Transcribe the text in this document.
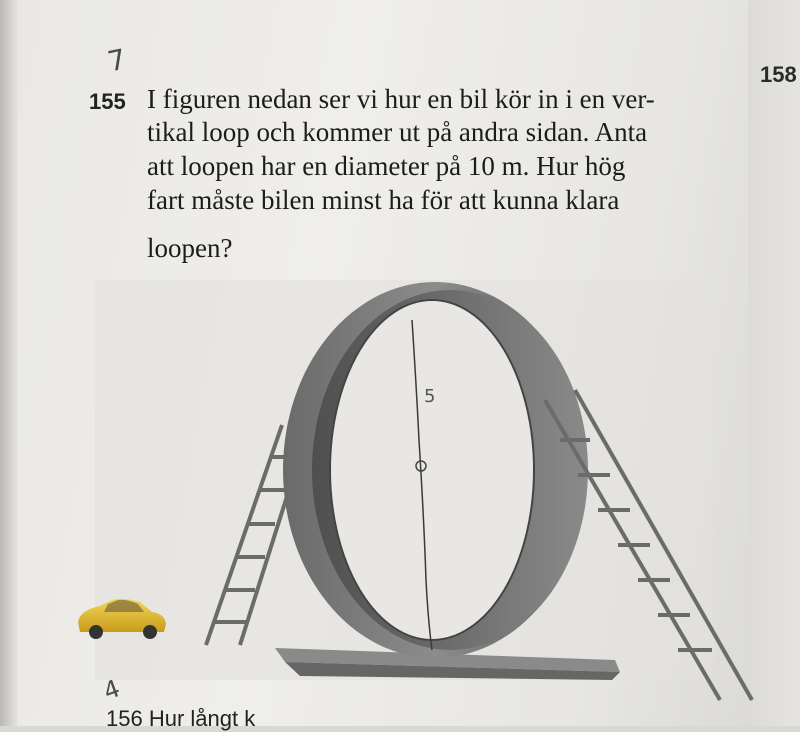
158
155 I figuren nedan ser vi hur en bil kör in i en ver-
tikal loop och kommer ut på andra sidan. Anta
att loopen har en diameter på 10 m. Hur hög
fart måste bilen minst ha för att kunna klara
loopen?
5
7
4
156 Hur långt k
